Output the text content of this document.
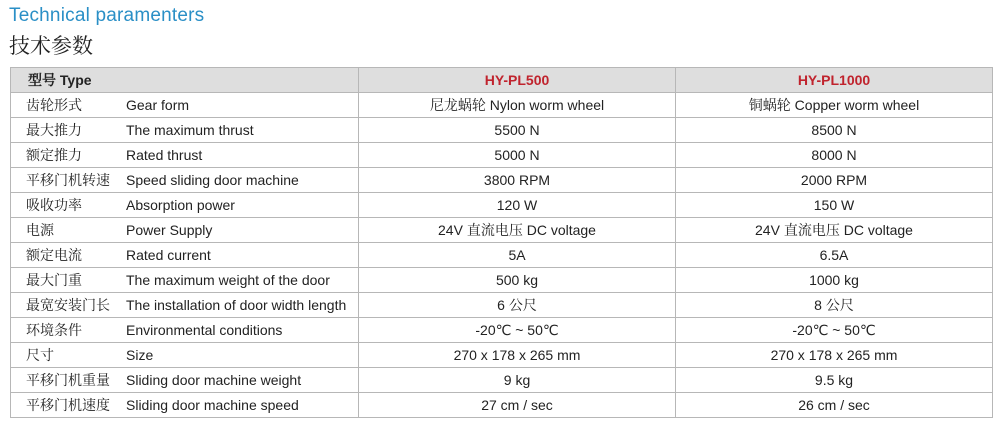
Technical paramenters
技术参数
型号 Type	HY-PL500	HY-PL1000
齿轮形式 Gear form	尼龙蜗轮 Nylon worm wheel	铜蜗轮 Copper worm wheel
最大推力 The maximum thrust	5500 N	8500 N
额定推力 Rated thrust	5000 N	8000 N
平移门机转速 Speed sliding door machine	3800 RPM	2000 RPM
吸收功率 Absorption power	120 W	150 W
电源 Power Supply	24V 直流电压 DC voltage	24V 直流电压 DC voltage
额定电流 Rated current	5A	6.5A
最大门重 The maximum weight of the door	500 kg	1000 kg
最宽安装门长 The installation of door width length	6 公尺	8 公尺
环境条件 Environmental conditions	-20℃ ~ 50℃	-20℃ ~ 50℃
尺寸 Size	270 x 178 x 265 mm	270 x 178 x 265 mm
平移门机重量 Sliding door machine weight	9 kg	9.5 kg
平移门机速度 Sliding door machine speed	27 cm / sec	26 cm / sec
